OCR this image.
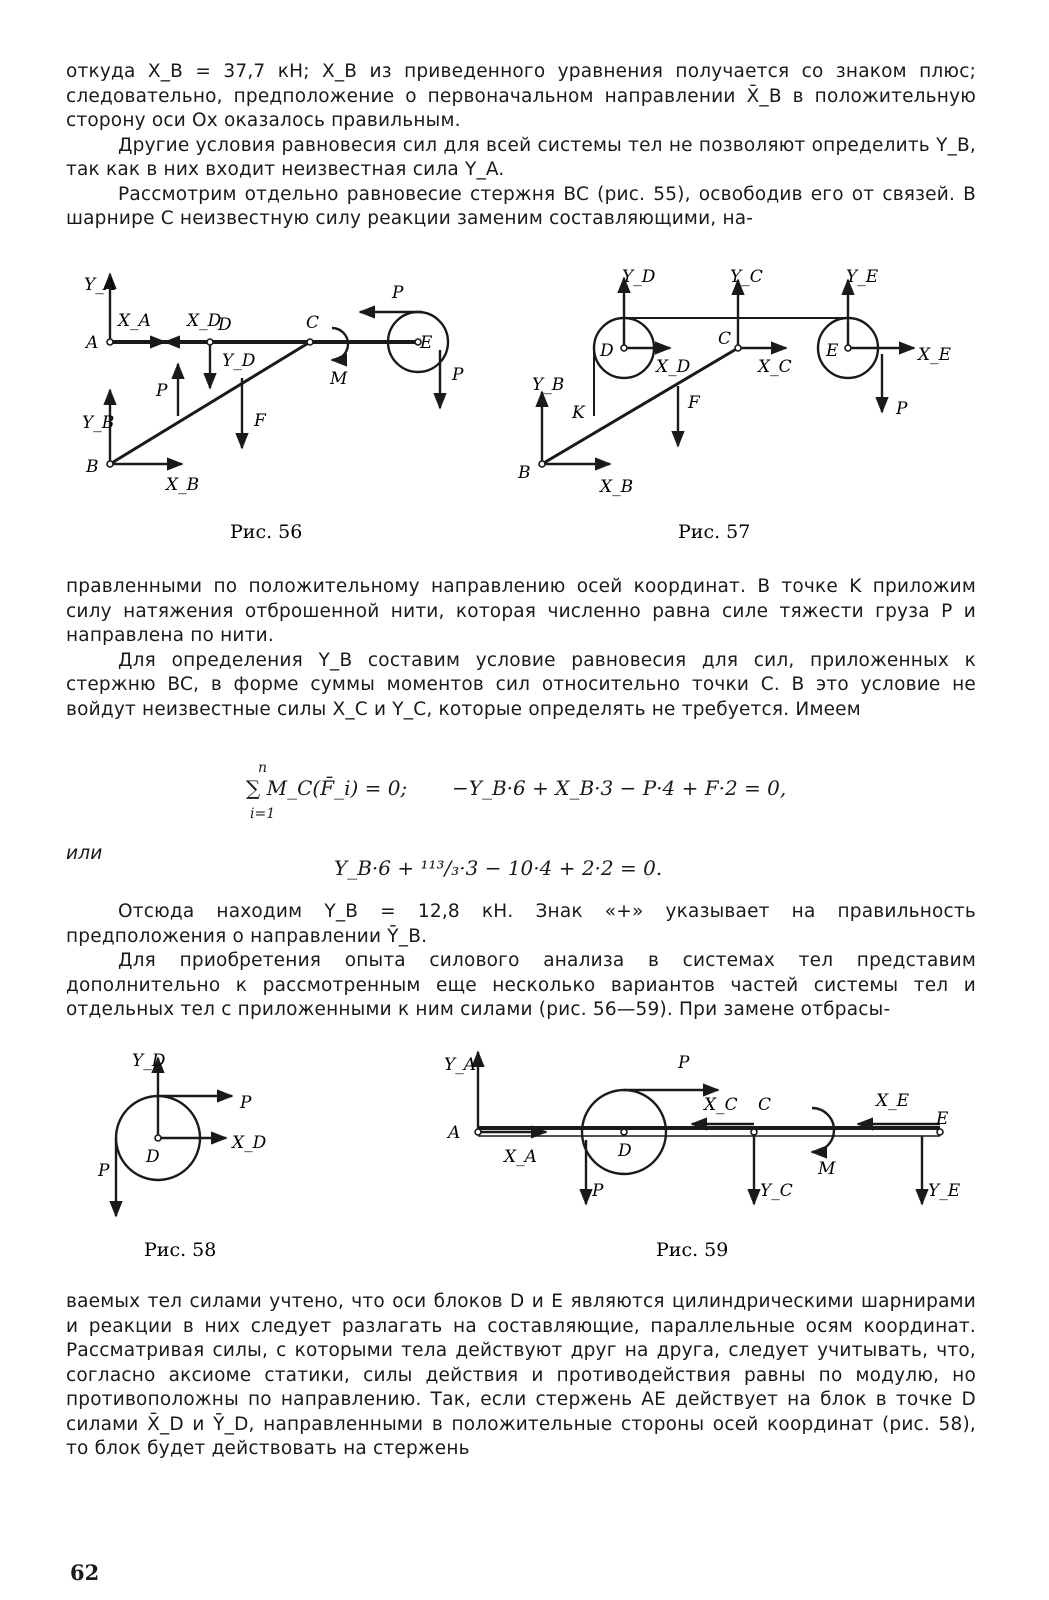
откуда X_B = 37,7 кН; X_B из приведенного уравнения получается со знаком плюс; следовательно, предположение о первоначальном направлении X̄_B в положительную сторону оси Ox оказалось правильным.

Другие условия равновесия сил для всей системы тел не позволяют определить Y_B, так как в них входит неизвестная сила Y_A.

Рассмотрим отдельно равновесие стержня BC (рис. 55), освободив его от связей. В шарнире C неизвестную силу реакции заменим составляющими, на-

Y_A
X_A X_D
D	C
P
E
A
Y_D
M	P
P
F
Y_B
B
X_B
Рис. 56
Y_D	Y_C	Y_E
D
C
E
X_D	X_C
X_E
Y_B
K	F	P
B
X_B
Рис. 57

правленными по положительному направлению осей координат. В точке K приложим силу натяжения отброшенной нити, которая численно равна силе тяжести груза P и направлена по нити.

Для определения Y_B составим условие равновесия для сил, приложенных к стержню BC, в форме суммы моментов сил относительно точки C. В это условие не войдут неизвестные силы X_C и Y_C, которые определять не требуется. Имеем

n
∑ M_C(F̄_i) = 0;
i=1
−Y_B·6 + X_B·3 − P·4 + F·2 = 0,

или

Y_B·6 + ¹¹³/₃·3 − 10·4 + 2·2 = 0.

Отсюда находим Y_B = 12,8 кН. Знак «+» указывает на правильность предположения о направлении Ȳ_B.

Для приобретения опыта силового анализа в системах тел представим дополнительно к рассмотренным еще несколько вариантов частей системы тел и отдельных тел с приложенными к ним силами (рис. 56—59). При замене отбрасы-

Y_D
P
X_D
D
P
Рис. 58
Y_A	P
X_C C	X_E
A
D
E
X_A
M
P	Y_C	Y_E
Рис. 59

ваемых тел силами учтено, что оси блоков D и E являются цилиндрическими шарнирами и реакции в них следует разлагать на составляющие, параллельные осям координат. Рассматривая силы, с которыми тела действуют друг на друга, следует учитывать, что, согласно аксиоме статики, силы действия и противодействия равны по модулю, но противоположны по направлению. Так, если стержень AE действует на блок в точке D силами X̄_D и Ȳ_D, направленными в положительные стороны осей координат (рис. 58), то блок будет действовать на стержень

62
